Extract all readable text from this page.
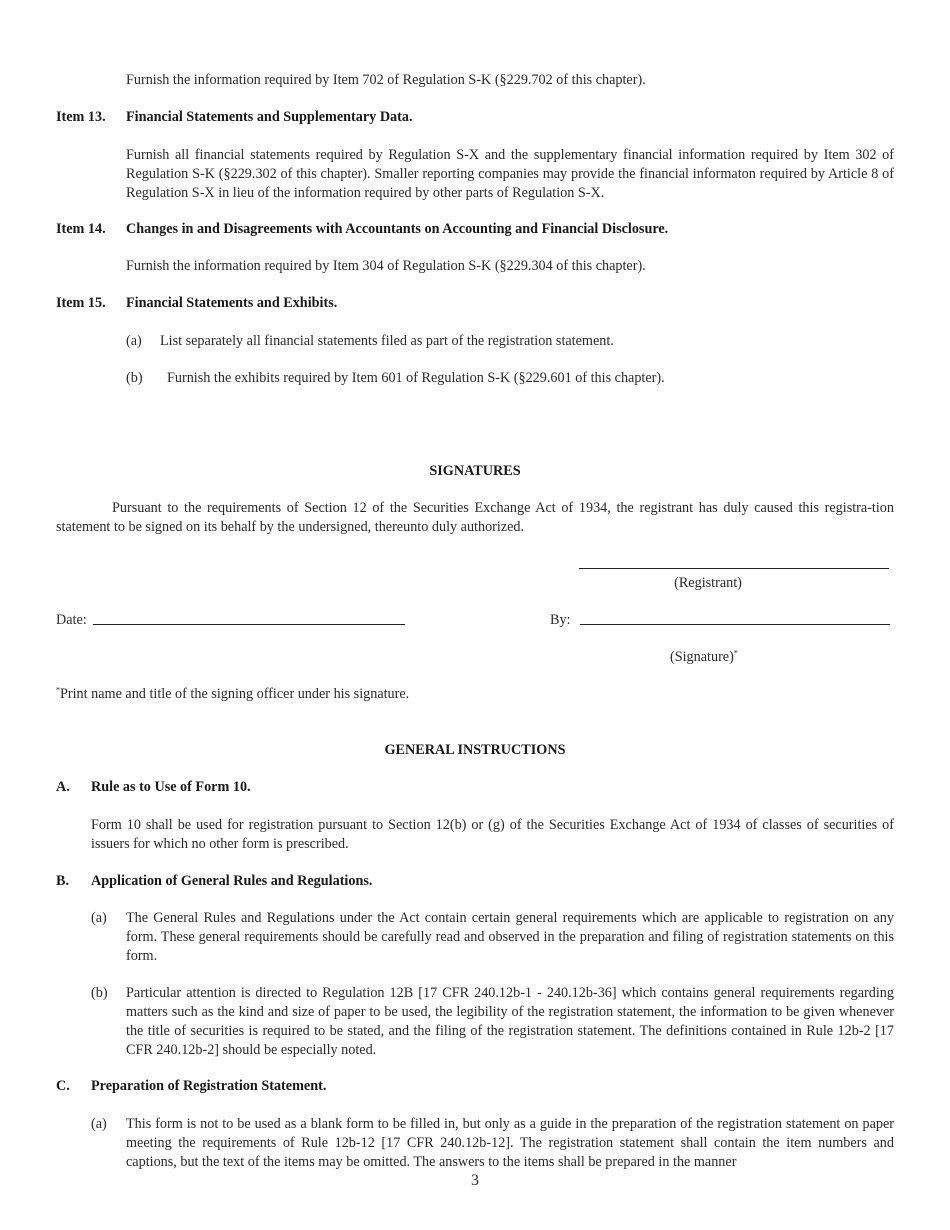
Furnish the information required by Item 702 of Regulation S-K (§229.702 of this chapter).
Item 13. Financial Statements and Supplementary Data.
Furnish all financial statements required by Regulation S-X and the supplementary financial information required by Item 302 of Regulation S-K (§229.302 of this chapter). Smaller reporting companies may provide the financial informaton required by Article 8 of Regulation S-X in lieu of the information required by other parts of Regulation S-X.
Item 14. Changes in and Disagreements with Accountants on Accounting and Financial Disclosure.
Furnish the information required by Item 304 of Regulation S-K (§229.304 of this chapter).
Item 15. Financial Statements and Exhibits.
(a) List separately all financial statements filed as part of the registration statement.
(b) Furnish the exhibits required by Item 601 of Regulation S-K (§229.601 of this chapter).
SIGNATURES
Pursuant to the requirements of Section 12 of the Securities Exchange Act of 1934, the registrant has duly caused this registra-tion statement to be signed on its behalf by the undersigned, thereunto duly authorized.
(Registrant)
Date:	By:
(Signature)*
*Print name and title of the signing officer under his signature.
GENERAL INSTRUCTIONS
A. Rule as to Use of Form 10.
Form 10 shall be used for registration pursuant to Section 12(b) or (g) of the Securities Exchange Act of 1934 of classes of securities of issuers for which no other form is prescribed.
B. Application of General Rules and Regulations.
(a) The General Rules and Regulations under the Act contain certain general requirements which are applicable to registration on any form. These general requirements should be carefully read and observed in the preparation and filing of registration statements on this form.
(b) Particular attention is directed to Regulation 12B [17 CFR 240.12b-1 - 240.12b-36] which contains general requirements regarding matters such as the kind and size of paper to be used, the legibility of the registration statement, the information to be given whenever the title of securities is required to be stated, and the filing of the registration statement. The definitions contained in Rule 12b-2 [17 CFR 240.12b-2] should be especially noted.
C. Preparation of Registration Statement.
(a) This form is not to be used as a blank form to be filled in, but only as a guide in the preparation of the registration statement on paper meeting the requirements of Rule 12b-12 [17 CFR 240.12b-12]. The registration statement shall contain the item numbers and captions, but the text of the items may be omitted. The answers to the items shall be prepared in the manner
3
